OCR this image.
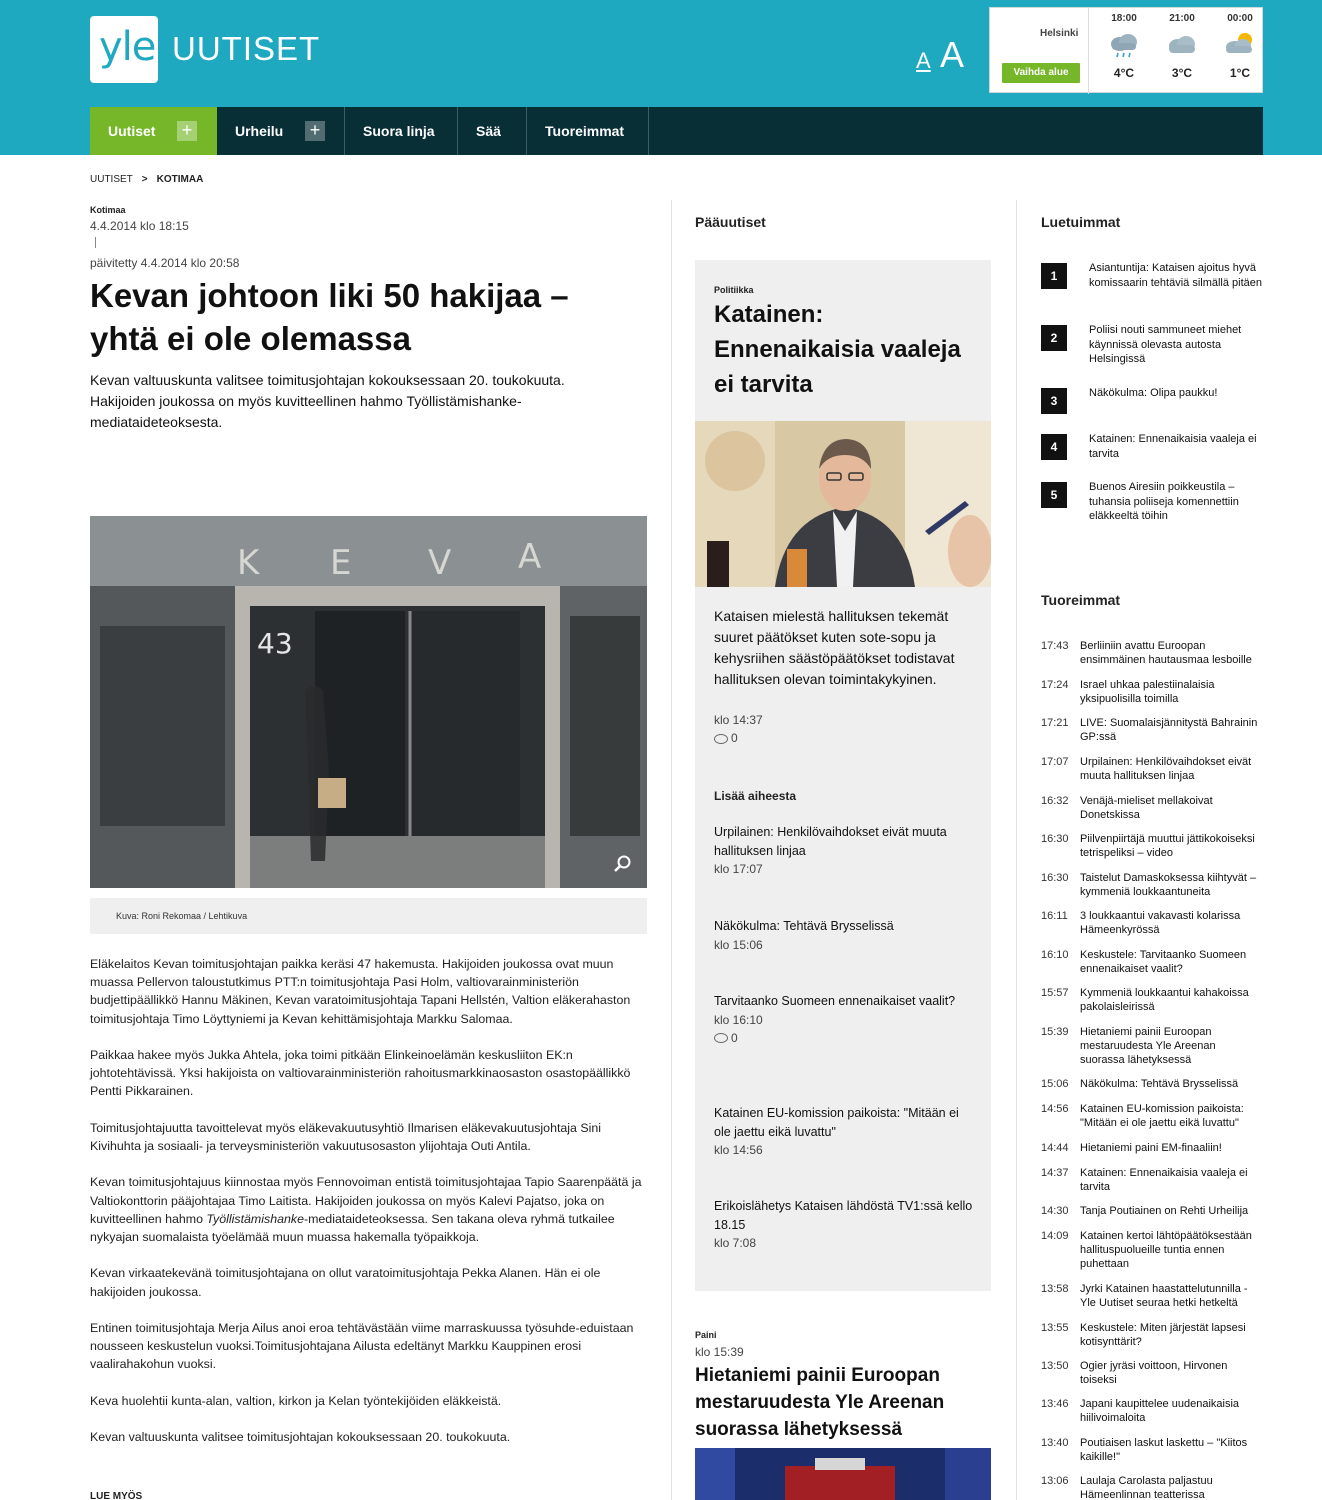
yle UUTISET	A A
Helsinki
Vaihda alue
18:00
4°C
21:00
3°C
00:00
1°C
Uutiset +	Urheilu +	Suora linja	Sää	Tuoreimmat
UUTISET > KOTIMAA
Kotimaa
4.4.2014 klo 18:15
päivitetty 4.4.2014 klo 20:58
Kevan johtoon liki 50 hakijaa – yhtä ei ole olemassa
Kevan valtuuskunta valitsee toimitusjohtajan kokouksessaan 20. toukokuuta. Hakijoiden joukossa on myös kuvitteellinen hahmo Työllistämishanke-mediataideteoksesta.
K E V A
43
Kuva: Roni Rekomaa / Lehtikuva

Eläkelaitos Kevan toimitusjohtajan paikka keräsi 47 hakemusta. Hakijoiden joukossa ovat muun muassa Pellervon taloustutkimus PTT:n toimitusjohtaja Pasi Holm, valtiovarainministeriön budjettipäällikkö Hannu Mäkinen, Kevan varatoimitusjohtaja Tapani Hellstén, Valtion eläkerahaston toimitusjohtaja Timo Löyttyniemi ja Kevan kehittämisjohtaja Markku Salomaa.

Paikkaa hakee myös Jukka Ahtela, joka toimi pitkään Elinkeinoelämän keskusliiton EK:n johtotehtävissä. Yksi hakijoista on valtiovarainministeriön rahoitusmarkkinaosaston osastopäällikkö Pentti Pikkarainen.

Toimitusjohtajuutta tavoittelevat myös eläkevakuutusyhtiö Ilmarisen eläkevakuutusjohtaja Sini Kivihuhta ja sosiaali- ja terveysministeriön vakuutusosaston ylijohtaja Outi Antila.

Kevan toimitusjohtajuus kiinnostaa myös Fennovoiman entistä toimitusjohtajaa Tapio Saarenpäätä ja Valtiokonttorin pääjohtajaa Timo Laitista. Hakijoiden joukossa on myös Kalevi Pajatso, joka on kuvitteellinen hahmo Työllistämishanke-mediataideteoksessa. Sen takana oleva ryhmä tutkailee nykyajan suomalaista työelämää muun muassa hakemalla työpaikkoja.

Kevan virkaatekevänä toimitusjohtajana on ollut varatoimitusjohtaja Pekka Alanen. Hän ei ole hakijoiden joukossa.

Entinen toimitusjohtaja Merja Ailus anoi eroa tehtävästään viime marraskuussa työsuhde-eduistaan nousseen keskustelun vuoksi.Toimitusjohtajana Ailusta edeltänyt Markku Kauppinen erosi vaalirahakohun vuoksi.

Keva huolehtii kunta-alan, valtion, kirkon ja Kelan työntekijöiden eläkkeistä.

Kevan valtuuskunta valitsee toimitusjohtajan kokouksessaan 20. toukokuuta.

LUE MYÖS
Pääuutiset
Politiikka
Katainen: Ennenaikaisia vaaleja ei tarvita
Kataisen mielestä hallituksen tekemät suuret päätökset kuten sote-sopu ja kehysriihen säästöpäätökset todistavat hallituksen olevan toimintakykyinen.
klo 14:37
0
Lisää aiheesta
Urpilainen: Henkilövaihdokset eivät muuta hallituksen linjaa
klo 17:07
Näkökulma: Tehtävä Brysselissä
klo 15:06
Tarvitaanko Suomeen ennenaikaiset vaalit?
klo 16:10
0
Katainen EU-komission paikoista: "Mitään ei ole jaettu eikä luvattu"
klo 14:56
Erikoislähetys Kataisen lähdöstä TV1:ssä kello 18.15
klo 7:08
Paini
klo 15:39
Hietaniemi painii Euroopan mestaruudesta Yle Areenan suorassa lähetyksessä
Luetuimmat
1
Asiantuntija: Kataisen ajoitus hyvä komissaarin tehtäviä silmällä pitäen
2
Poliisi nouti sammuneet miehet käynnissä olevasta autosta Helsingissä
3
Näkökulma: Olipa paukku!
4
Katainen: Ennenaikaisia vaaleja ei tarvita
5
Buenos Airesiin poikkeustila – tuhansia poliiseja komennettiin eläkkeeltä töihin
Tuoreimmat
17:43 Berliiniin avattu Euroopan ensimmäinen hautausmaa lesboille
17:24 Israel uhkaa palestiinalaisia yksipuolisilla toimilla
17:21 LIVE: Suomalaisjännitystä Bahrainin GP:ssä
17:07 Urpilainen: Henkilövaihdokset eivät muuta hallituksen linjaa
16:32 Venäjä-mieliset mellakoivat Donetskissa
16:30 Piilvenpiirtäjä muuttui jättikokoiseksi tetrispeliksi – video
16:30 Taistelut Damaskoksessa kiihtyvät – kymmeniä loukkaantuneita
16:11 3 loukkaantui vakavasti kolarissa Hämeenkyrössä
16:10 Keskustele: Tarvitaanko Suomeen ennenaikaiset vaalit?
15:57 Kymmeniä loukkaantui kahakoissa pakolaisleirissä
15:39 Hietaniemi painii Euroopan mestaruudesta Yle Areenan suorassa lähetyksessä
15:06 Näkökulma: Tehtävä Brysselissä
14:56 Katainen EU-komission paikoista: "Mitään ei ole jaettu eikä luvattu"
14:44 Hietaniemi paini EM-finaaliin!
14:37 Katainen: Ennenaikaisia vaaleja ei tarvita
14:30 Tanja Poutiainen on Rehti Urheilija
14:09 Katainen kertoi lähtöpäätöksestään hallituspuolueille tuntia ennen puhettaan
13:58 Jyrki Katainen haastattelutunnilla - Yle Uutiset seuraa hetki hetkeltä
13:55 Keskustele: Miten järjestät lapsesi kotisynttärit?
13:50 Ogier jyräsi voittoon, Hirvonen toiseksi
13:46 Japani kaupittelee uudenaikaisia hiilivoimaloita
13:40 Poutiaisen laskut laskettu – "Kiitos kaikille!"
13:06 Laulaja Carolasta paljastuu Hämeenlinnan teatterissa
